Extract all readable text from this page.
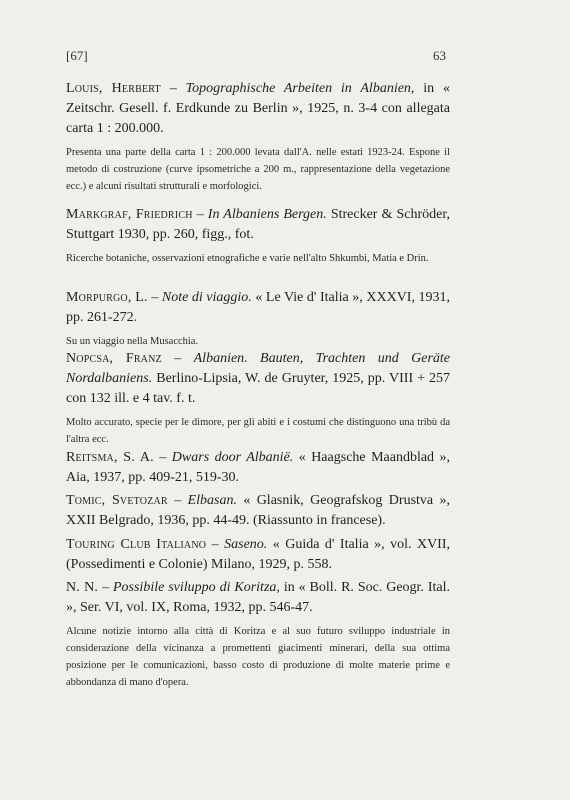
[67]	63
Louis, Herbert – Topographische Arbeiten in Albanien, in « Zeitschr. Gesell. f. Erdkunde zu Berlin », 1925, n. 3-4 con allegata carta 1 : 200.000.
Presenta una parte della carta 1 : 200.000 levata dall'A. nelle estati 1923-24. Espone il metodo di costruzione (curve ipsometriche a 200 m., rappresentazione della vegetazione ecc.) e alcuni risultati strutturali e morfologici.
Markgraf, Friedrich – In Albaniens Bergen. Strecker & Schröder, Stuttgart 1930, pp. 260, figg., fot.
Ricerche botaniche, osservazioni etnografiche e varie nell'alto Shkumbi, Matia e Drin.
Morpurgo, L. – Note di viaggio. « Le Vie d' Italia », XXXVI, 1931, pp. 261-272.
Su un viaggio nella Musacchia.
Nopcsa, Franz – Albanien. Bauten, Trachten und Geräte Nordalbaniens. Berlino-Lipsia, W. de Gruyter, 1925, pp. VIII + 257 con 132 ill. e 4 tav. f. t.
Molto accurato, specie per le dimore, per gli abiti e i costumi che distinguono una tribù da l'altra ecc.
Reitsma, S. A. – Dwars door Albanië. « Haagsche Maandblad », Aia, 1937, pp. 409-21, 519-30.
Tomic, Svetozar – Elbasan. « Glasnik, Geografskog Drustva », XXII Belgrado, 1936, pp. 44-49. (Riassunto in francese).
Touring Club Italiano – Saseno. « Guida d' Italia », vol. XVII, (Possedimenti e Colonie) Milano, 1929, p. 558.
N. N. – Possibile sviluppo di Koritza, in « Boll. R. Soc. Geogr. Ital. », Ser. VI, vol. IX, Roma, 1932, pp. 546-47.
Alcune notizie intorno alla città di Koritza e al suo futuro sviluppo industriale in considerazione della vicinanza a promettenti giacimenti minerari, della sua ottima posizione per le comunicazioni, basso costo di produzione di molte materie prime e abbondanza di mano d'opera.
